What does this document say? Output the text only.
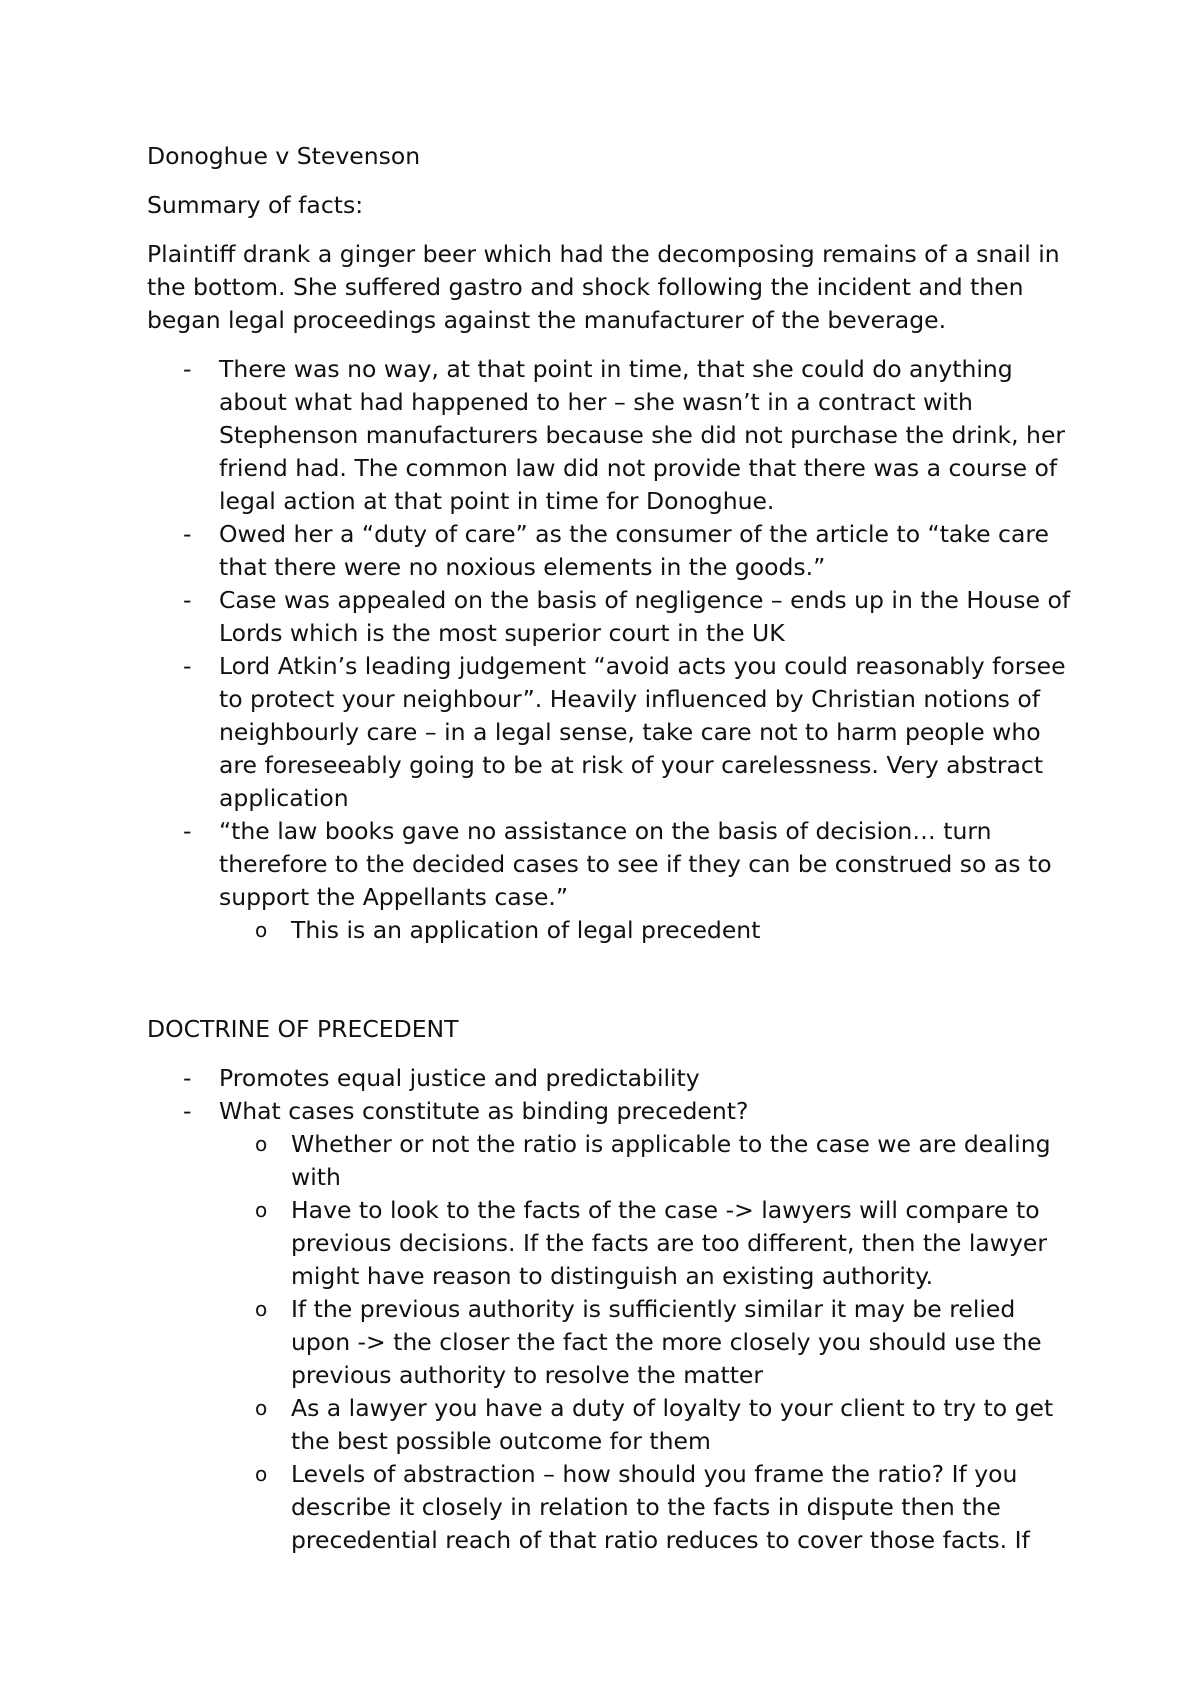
Donoghue v Stevenson

Summary of facts:

Plaintiff drank a ginger beer which had the decomposing remains of a snail in the bottom. She suffered gastro and shock following the incident and then began legal proceedings against the manufacturer of the beverage.

- There was no way, at that point in time, that she could do anything about what had happened to her – she wasn’t in a contract with Stephenson manufacturers because she did not purchase the drink, her friend had. The common law did not provide that there was a course of legal action at that point in time for Donoghue.
- Owed her a “duty of care” as the consumer of the article to “take care that there were no noxious elements in the goods.”
- Case was appealed on the basis of negligence – ends up in the House of Lords which is the most superior court in the UK
- Lord Atkin’s leading judgement “avoid acts you could reasonably forsee to protect your neighbour”. Heavily influenced by Christian notions of neighbourly care – in a legal sense, take care not to harm people who are foreseeably going to be at risk of your carelessness. Very abstract application
- “the law books gave no assistance on the basis of decision… turn therefore to the decided cases to see if they can be construed so as to support the Appellants case.”
o This is an application of legal precedent

DOCTRINE OF PRECEDENT

- Promotes equal justice and predictability
- What cases constitute as binding precedent?
o Whether or not the ratio is applicable to the case we are dealing with
o Have to look to the facts of the case -> lawyers will compare to previous decisions. If the facts are too different, then the lawyer might have reason to distinguish an existing authority.
o If the previous authority is sufficiently similar it may be relied upon -> the closer the fact the more closely you should use the previous authority to resolve the matter
o As a lawyer you have a duty of loyalty to your client to try to get the best possible outcome for them
o Levels of abstraction – how should you frame the ratio? If you describe it closely in relation to the facts in dispute then the precedential reach of that ratio reduces to cover those facts. If
